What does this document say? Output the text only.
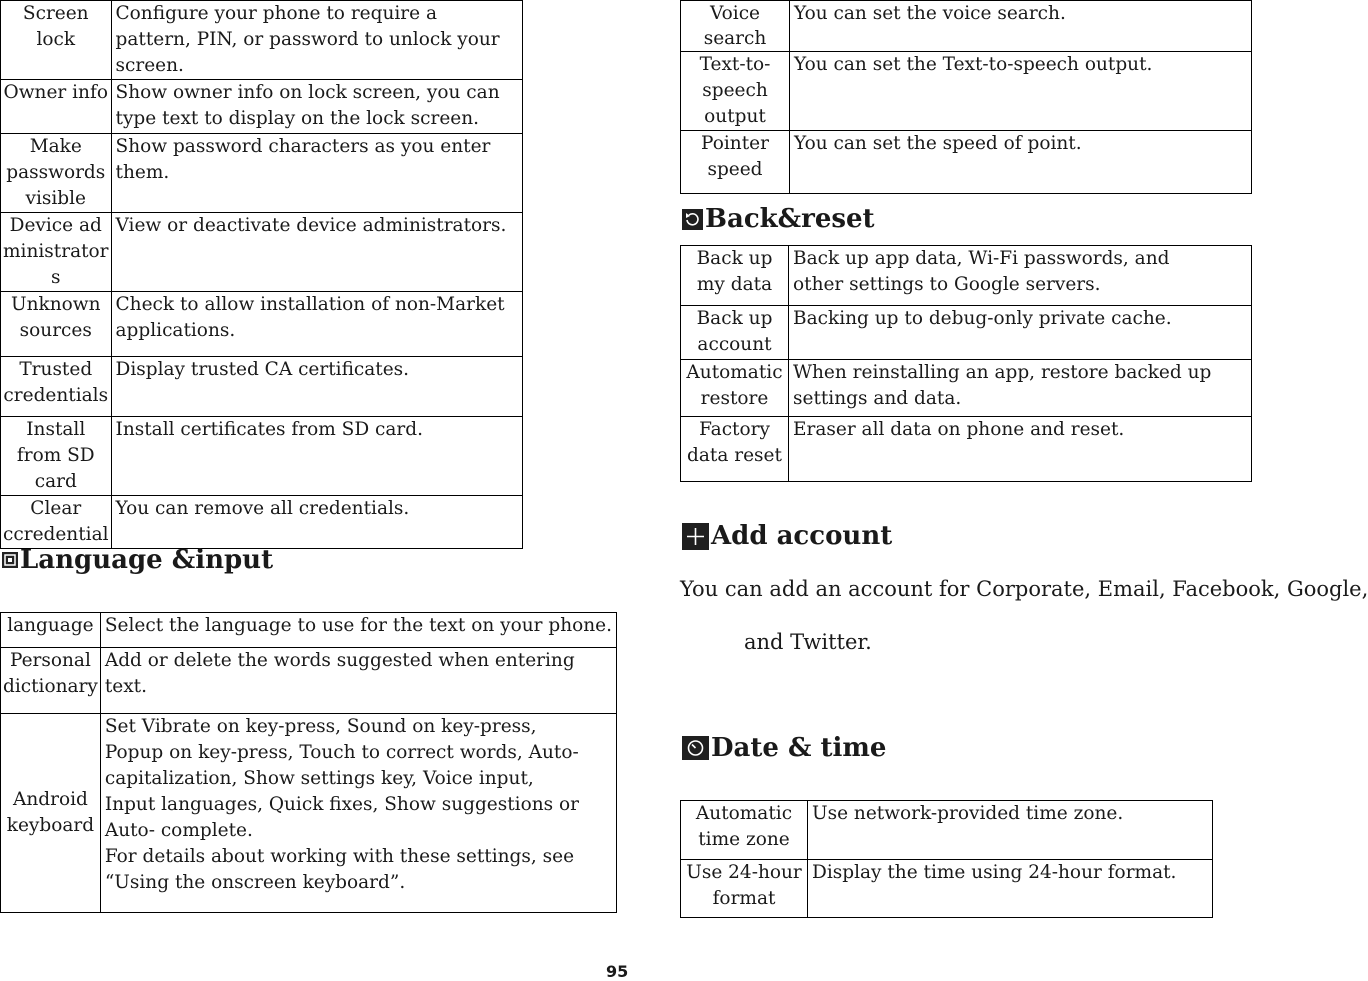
Screen lock	Configure your phone to require a pattern, PIN, or password to unlock your screen.
Owner info	Show owner info on lock screen, you can type text to display on the lock screen.
Make passwords visible	Show password characters as you enter them.
Device administrators	View or deactivate device administrators.
Unknown sources	Check to allow installation of non-Market applications.
Trusted credentials	Display trusted CA certificates.
Install from SD card	Install certificates from SD card.
Clear ccredential	You can remove all credentials.
Language &input
language	Select the language to use for the text on your phone.
Personal dictionary	Add or delete the words suggested when entering text.
Android keyboard	Set Vibrate on key-press, Sound on key-press, Popup on key-press, Touch to correct words, Auto- capitalization, Show settings key, Voice input, Input languages, Quick fixes, Show suggestions or Auto- complete.
For details about working with these settings, see “Using the onscreen keyboard”.
Voice search	You can set the voice search.
Text-to-speech output	You can set the Text-to-speech output.
Pointer speed	You can set the speed of point.
Back&reset
Back up my data	Back up app data, Wi-Fi passwords, and other settings to Google servers.
Back up account	Backing up to debug-only private cache.
Automatic restore	When reinstalling an app, restore backed up settings and data.
Factory data reset	Eraser all data on phone and reset.
Add account

You can add an account for Corporate, Email, Facebook, Google,

and Twitter.

Date & time
Automatic time zone	Use network-provided time zone.
Use 24-hour format	Display the time using 24-hour format.
95
